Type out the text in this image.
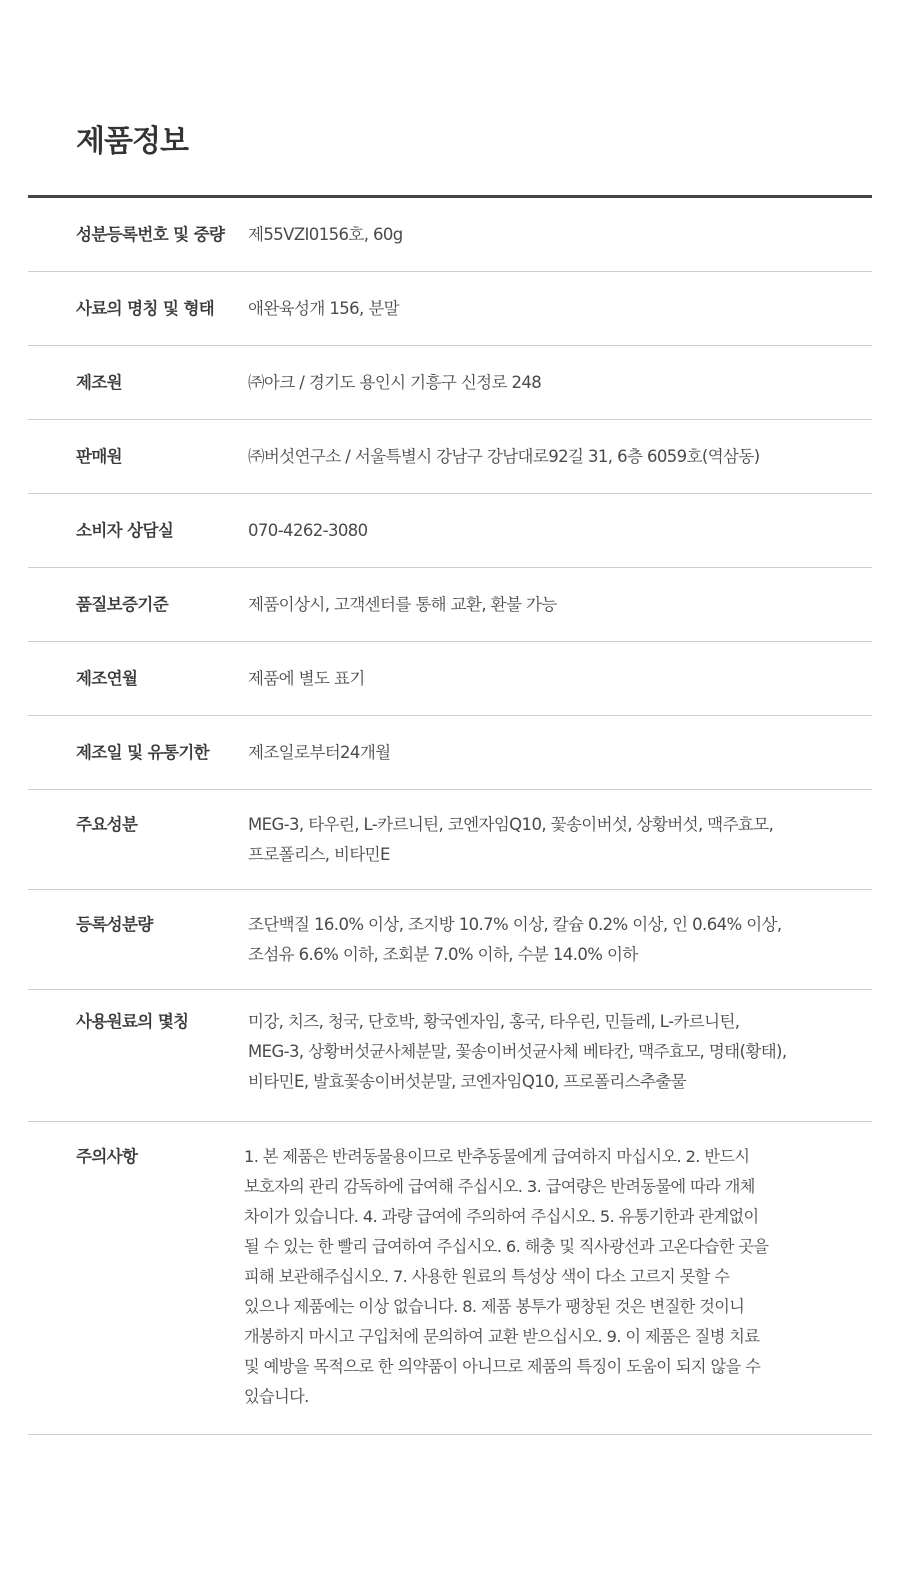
제품정보
성분등록번호 및 중량	제55VZI0156호, 60g
사료의 명칭 및 형태	애완육성개 156, 분말
제조원	㈜아크 / 경기도 용인시 기흥구 신정로 248
판매원	㈜버섯연구소 / 서울특별시 강남구 강남대로92길 31, 6층 6059호(역삼동)
소비자 상담실	070-4262-3080
품질보증기준	제품이상시, 고객센터를 통해 교환, 환불 가능
제조연월	제품에 별도 표기
제조일 및 유통기한	제조일로부터24개월
주요성분	MEG-3, 타우린, L-카르니틴, 코엔자임Q10, 꽃송이버섯, 상황버섯, 맥주효모,
프로폴리스, 비타민E
등록성분량	조단백질 16.0% 이상, 조지방 10.7% 이상, 칼슘 0.2% 이상, 인 0.64% 이상,
조섬유 6.6% 이하, 조회분 7.0% 이하, 수분 14.0% 이하
사용원료의 몇칭	미강, 치즈, 청국, 단호박, 황국엔자임, 홍국, 타우린, 민들레, L-카르니틴,
MEG-3, 상황버섯균사체분말, 꽃송이버섯균사체 베타칸, 맥주효모, 명태(황태),
비타민E, 발효꽃송이버섯분말, 코엔자임Q10, 프로폴리스추출물
주의사항	1. 본 제품은 반려동물용이므로 반추동물에게 급여하지 마십시오. 2. 반드시
보호자의 관리 감독하에 급여해 주십시오. 3. 급여량은 반려동물에 따라 개체
차이가 있습니다. 4. 과량 급여에 주의하여 주십시오. 5. 유통기한과 관계없이
될 수 있는 한 빨리 급여하여 주십시오. 6. 해충 및 직사광선과 고온다습한 곳을
피해 보관해주십시오. 7. 사용한 원료의 특성상 색이 다소 고르지 못할 수
있으나 제품에는 이상 없습니다. 8. 제품 봉투가 팽창된 것은 변질한 것이니
개봉하지 마시고 구입처에 문의하여 교환 받으십시오. 9. 이 제품은 질병 치료
및 예방을 목적으로 한 의약품이 아니므로 제품의 특징이 도움이 되지 않을 수
있습니다.
